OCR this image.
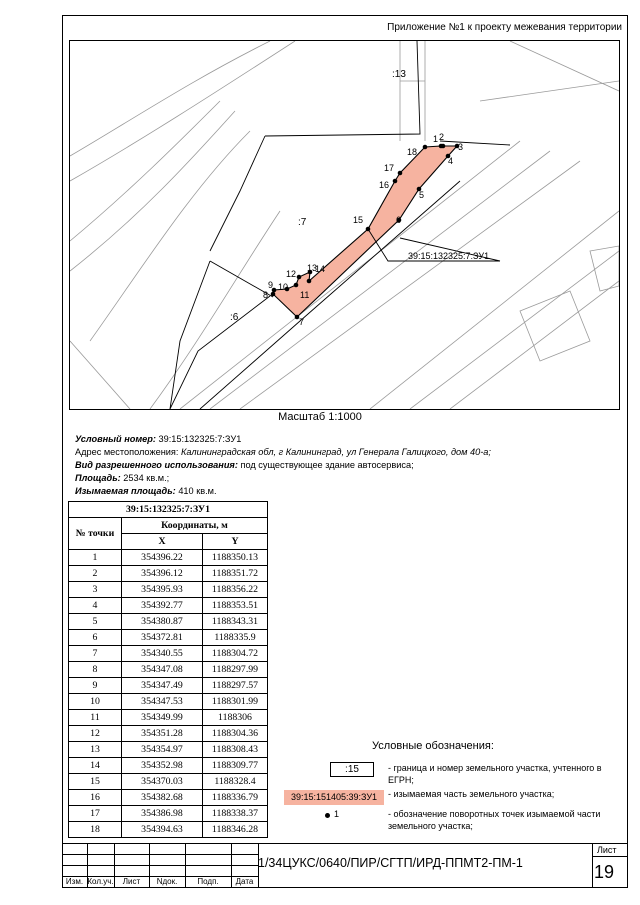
Приложение №1 к проекту межевания территории
1 2
3
4
5
6
7
8
9 10
11
12
13
14
15
16
17
18
:13
:7
:6
39:15:132325:7:ЗУ1
Масштаб 1:1000
Условный номер: 39:15:132325:7:ЗУ1
Адрес местоположения: Калининградская обл, г Калининград, ул Генерала Галицкого, дом 40-а;
Вид разрешенного использования: под существующее здание автосервиса;
Площадь: 2534 кв.м.;
Изымаемая площадь: 410 кв.м.
39:15:132325:7:ЗУ1		
№ точки	Координаты, м	
	X	Y
1	354396.22	1188350.13
2	354396.12	1188351.72
3	354395.93	1188356.22
4	354392.77	1188353.51
5	354380.87	1188343.31
6	354372.81	1188335.9
7	354340.55	1188304.72
8	354347.08	1188297.99
9	354347.49	1188297.57
10	354347.53	1188301.99
11	354349.99	1188306
12	354351.28	1188304.36
13	354354.97	1188308.43
14	354352.98	1188309.77
15	354370.03	1188328.4
16	354382.68	1188336.79
17	354386.98	1188338.37
18	354394.63	1188346.28
Условные обозначения:
:15	- граница и номер земельного участка, учтенного в ЕГРН;
39:15:151405:39:ЗУ1	- изымаемая часть земельного участка;
1	- обозначение поворотных точек изымаемой части земельного участка;
Изм. Кол.уч.	Лист	Nдок.	Подп.	Дата
1/34ЦУКС/0640/ПИР/СГТП/ИРД-ППМТ2-ПМ-1
Лист
19
